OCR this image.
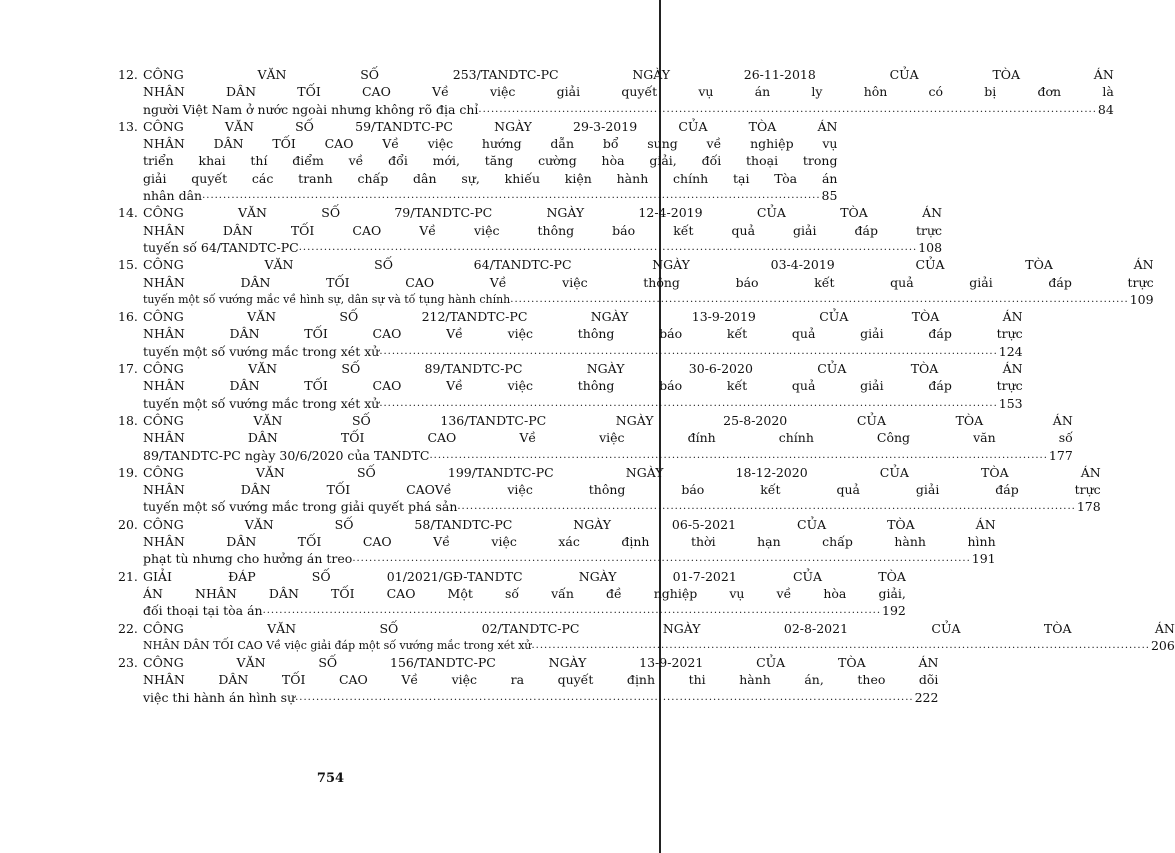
12. CÔNG VĂN SỐ 253/TANDTC-PC NGÀY 26-11-2018 CỦA TÒA ÁN
NHÂN DÂN TỐI CAO Về việc giải quyết vụ án ly hôn có bị đơn là
người Việt Nam ở nước ngoài nhưng không rõ địa chỉ .....	84
13. CÔNG VĂN SỐ 59/TANDTC-PC NGÀY 29-3-2019 CỦA TÒA ÁN
NHÂN DÂN TỐI CAO Về việc hướng dẫn bổ sung về nghiệp vụ
triển khai thí điểm về đổi mới, tăng cường hòa giải, đối thoại trong
giải quyết các tranh chấp dân sự, khiếu kiện hành chính tại Tòa án
nhân dân .....	85
14. CÔNG VĂN SỐ 79/TANDTC-PC NGÀY 12-4-2019 CỦA TÒA ÁN
NHÂN DÂN TỐI CAO Về việc thông báo kết quả giải đáp trực
tuyến số 64/TANDTC-PC .....	108
15. CÔNG VĂN SỐ 64/TANDTC-PC NGÀY 03-4-2019 CỦA TÒA ÁN
NHÂN DÂN TỐI CAO Về việc thông báo kết quả giải đáp trực
tuyến một số vướng mắc về hình sự, dân sự và tố tụng hành chính .....	109
16. CÔNG VĂN SỐ 212/TANDTC-PC NGÀY 13-9-2019 CỦA TÒA ÁN
NHÂN DÂN TỐI CAO Về việc thông báo kết quả giải đáp trực
tuyến một số vướng mắc trong xét xử .....	124
17. CÔNG VĂN SỐ 89/TANDTC-PC NGÀY 30-6-2020 CỦA TÒA ÁN
NHÂN DÂN TỐI CAO Về việc thông báo kết quả giải đáp trực
tuyến một số vướng mắc trong xét xử .....	153
18. CÔNG VĂN SỐ 136/TANDTC-PC NGÀY 25-8-2020 CỦA TÒA ÁN
NHÂN DÂN TỐI CAO Về việc đính chính Công văn số
89/TANDTC-PC ngày 30/6/2020 của TANDTC .....	177
19. CÔNG VĂN SỐ 199/TANDTC-PC NGÀY 18-12-2020 CỦA TÒA ÁN
NHÂN DÂN TỐI CAOVề việc thông báo kết quả giải đáp trực
tuyến một số vướng mắc trong giải quyết phá sản .....	178
20. CÔNG VĂN SỐ 58/TANDTC-PC NGÀY 06-5-2021 CỦA TÒA ÁN
NHÂN DÂN TỐI CAO Về việc xác định thời hạn chấp hành hình
phạt tù nhưng cho hưởng án treo .....	191
21. GIẢI ĐÁP SỐ 01/2021/GĐ-TANDTC NGÀY 01-7-2021 CỦA TÒA
ÁN NHÂN DÂN TỐI CAO Một số vấn đề nghiệp vụ về hòa giải,
đối thoại tại tòa án .....	192
22. CÔNG VĂN SỐ 02/TANDTC-PC NGÀY 02-8-2021 CỦA TÒA ÁN
NHÂN DÂN TỐI CAO Về việc giải đáp một số vướng mắc trong xét xử .....	206
23. CÔNG VĂN SỐ 156/TANDTC-PC NGÀY 13-9-2021 CỦA TÒA ÁN
NHÂN DÂN TỐI CAO Về việc ra quyết định thi hành án, theo dõi
việc thi hành án hình sự .....	222
754
